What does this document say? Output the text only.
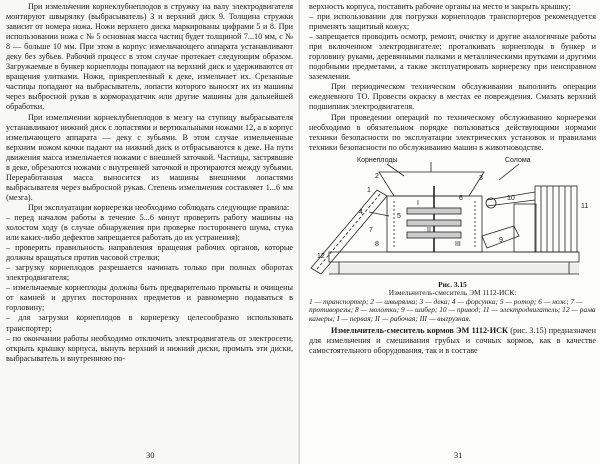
При измельчении корнеклубнеплодов в стружку на валу электродвигателя монтируют швырялку (выбрасыватель) 3 и верхний диск 9. Толщина стружки зависит от номера ножа. Ножи верхнего диска маркированы цифрами 5 и 8. При использовании ножа с № 5 основная масса частиц будет толщиной 7...10 мм, с № 8 — больше 10 мм. При этом в корпус измельчающего аппарата устанавливают деку без зубьев. Рабочий процесс в этом случае протекает следующим образом. Загружаемые в бункер корнеплоды попадают на верхний диск и удерживаются от вращения улитками. Ножи, прикрепленный к деке, измельчает их. Срезанные частицы попадают на выбрасыватель, лопасти которого выносят их из машины через выбросной рукав в кормораздатчик или другие машины для дальнейшей обработки.

При измельчении корнеклубнеплодов в мезгу на ступицу выбрасывателя устанавливают нижний диск с лопастями и вертикальными ножами 12, а в корпус измельчающего аппарата — деку с зубьями. В этом случае измельченные верхним ножом кочки падают на нижний диск и отбрасываются к деке. На пути движения масса измельчается ножами с внешней заточкой. Частицы, застрявшие в деке, обрезаются ножами с внутренней заточкой и протираются между зубьями. Переработанная масса выносится из машины внешними лопастями выбрасывателя через выбросной рукав. Степень измельчения составляет 1...6 мм (мезга).

При эксплуатации корнерезки необходимо соблюдать следующие правила:

– перед началом работы в течение 5...6 минут проверить работу машины на холостом ходу (в случае обнаружения при проверке постороннего шума, стука или каких-либо дефектов запрещается работать до их устранения);

– проверить правильность направления вращения рабочих органов, которые должны вращаться против часовой стрелки;

– загрузку корнеплодов разрешается начинать только при полных оборотах электродвигателя;

– измельчаемые корнеплоды должны быть предварительно промыты и очищены от камней и других посторонних предметов и равномерно подаваться в горловину;

– для загрузки корнеплодов в корнерезку целесообразно использовать транспортер;

– по окончании работы необходимо отключить электродвигатель от электросети, открыть крышку корпуса, вынуть верхний и нижний диски, промыть эти диски, выбрасыватель и внутреннюю по-

30

верхность корпуса, поставить рабочие органы на место и закрыть крышку;

– при использовании для погрузки корнеплодов транспортеров рекомендуется применять защитный кожух;

– запрещается проводить осмотр, ремонт, очистку и другие аналогичные работы при включенном электродвигателе; проталкивать корнеплоды в бункер и горловину руками, деревянными палками и металлическими прутками и другими подобными предметами, а также эксплуатировать корнерезку при неисправном заземлении.

При периодическом техническом обслуживании выполнить операции ежедневного ТО. Провести окраску в местах ее повреждения. Смазать верхний подшипник электродвигателя.

При проведении операций по техническому обслуживанию корнерезки необходимо в обязательном порядке пользоваться действующими нормами техники безопасности по эксплуатации электрических установок и правилами техники безопасности по обслуживанию машин в животноводстве.

Корнеплоды	Солома
1
2	3
4
5
6
7
8
9
10
11
12
I
II
III
Рис. 3.15
Измельчитель-смеситель ЭМ 1112-ИСК:
1 — транспортер; 2 — швырялка; 3 — дека; 4 — форсунка; 5 — ротор; 6 — нож; 7 — противорезы; 8 — молотки; 9 — шибер; 10 — привод; 11 — электродвигатель; 12 — рама камеры; I — первая; II — рабочая; III — выгрузная.

Измельчитель-смеситель кормов ЭМ 1112-ИСК (рис. 3.15) предназначен для измельчения и смешивания грубых и сочных кормов, как в качестве самостоятельного оборудования, так и в составе

31
